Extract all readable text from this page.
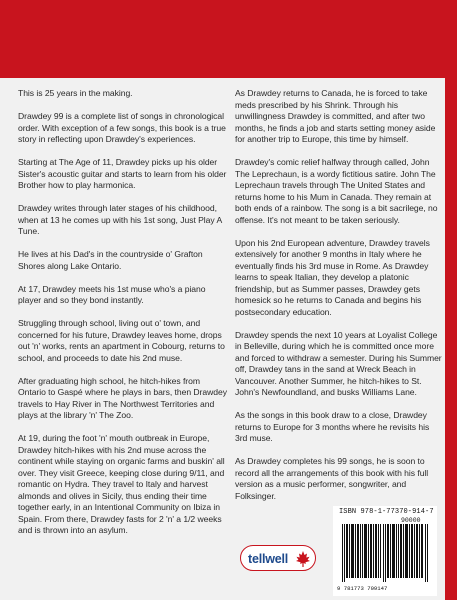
This is 25 years in the making.

Drawdey 99 is a complete list of songs in chronological order. With exception of a few songs, this book is a true story in reflecting upon Drawdey's experiences.

Starting at The Age of 11, Drawdey picks up his older Sister's acoustic guitar and starts to learn from his older Brother how to play harmonica.

Drawdey writes through later stages of his childhood, when at 13 he comes up with his 1st song, Just Play A Tune.

He lives at his Dad's in the countryside o' Grafton Shores along Lake Ontario.

At 17, Drawdey meets his 1st muse who's a piano player and so they bond instantly.

Struggling through school, living out o' town, and concerned for his future, Drawdey leaves home, drops out 'n' works, rents an apartment in Cobourg, returns to school, and proceeds to date his 2nd muse.

After graduating high school, he hitch-hikes from Ontario to Gaspé where he plays in bars, then Drawdey travels to Hay River in The Northwest Territories and plays at the library 'n' The Zoo.

At 19, during the foot 'n' mouth outbreak in Europe, Drawdey hitch-hikes with his 2nd muse across the continent while staying on organic farms and buskin' all over. They visit Greece, keeping close during 9/11, and romantic on Hydra. They travel to Italy and harvest almonds and olives in Sicily, thus ending their time together early, in an Intentional Community on Ibiza in Spain. From there, Drawdey fasts for 2 'n' a 1/2 weeks and is thrown into an asylum.

As Drawdey returns to Canada, he is forced to take meds prescribed by his Shrink. Through his unwillingness Drawdey is committed, and after two months, he finds a job and starts setting money aside for another trip to Europe, this time by himself.

Drawdey's comic relief halfway through called, John The Leprechaun, is a wordy fictitious satire. John The Leprechaun travels through The United States and returns home to his Mum in Canada. They remain at both ends of a rainbow. The song is a bit sacrilege, no offense. It's not meant to be taken seriously.

Upon his 2nd European adventure, Drawdey travels extensively for another 9 months in Italy where he eventually finds his 3rd muse in Rome. As Drawdey learns to speak Italian, they develop a platonic friendship, but as Summer passes, Drawdey gets homesick so he returns to Canada and begins his postsecondary education.

Drawdey spends the next 10 years at Loyalist College in Belleville, during which he is committed once more and forced to withdraw a semester. During his Summer off, Drawdey tans in the sand at Wreck Beach in Vancouver. Another Summer, he hitch-hikes to St. John's Newfoundland, and busks Williams Lane.

As the songs in this book draw to a close, Drawdey returns to Europe for 3 months where he revisits his 3rd muse.

As Drawdey completes his 99 songs, he is soon to record all the arrangements of this book with his full version as a music performer, songwriter, and Folksinger.

tellwell
ISBN 978-1-77370-914-7
90000
9 781773 709147
